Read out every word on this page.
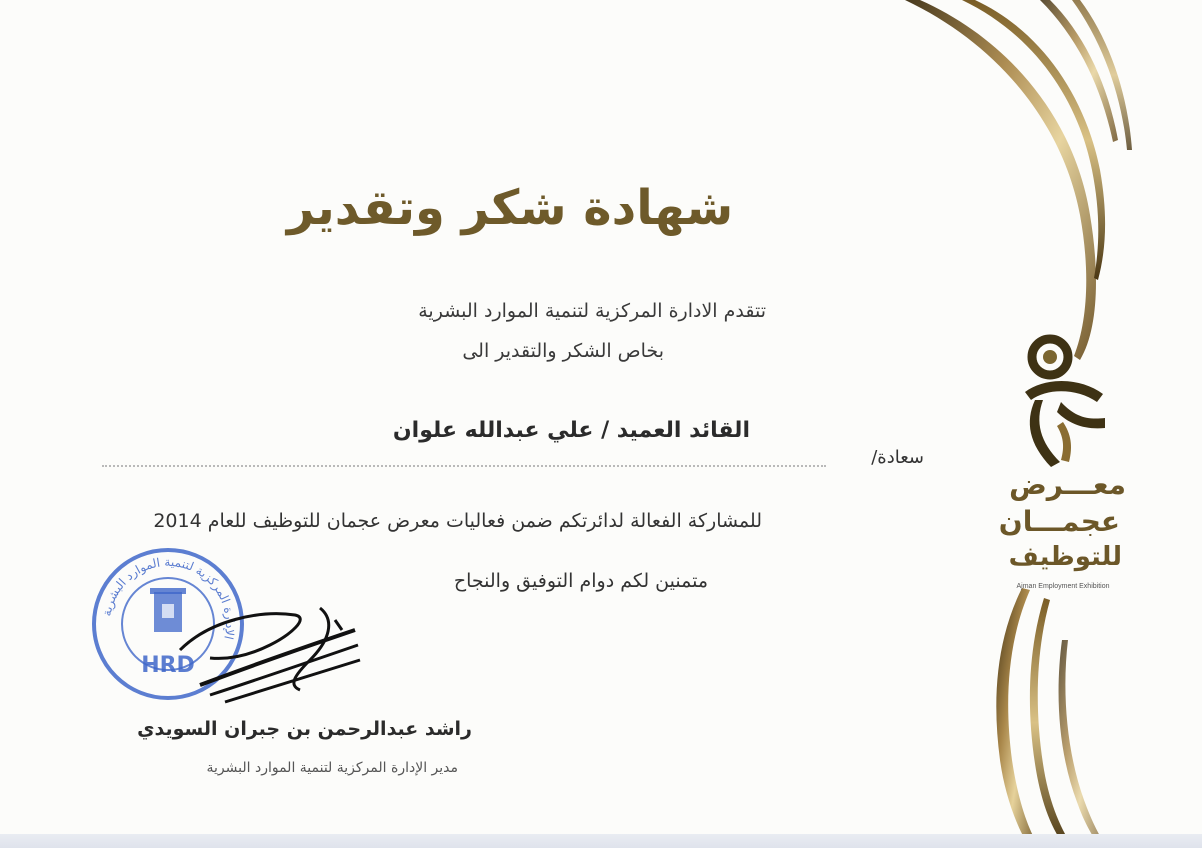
معـــرض
عجمـــان
للتوظيف
Ajman Employment Exhibition
شهادة شكر وتقدير
تتقدم الادارة المركزية لتنمية الموارد البشرية
بخاص الشكر والتقدير الى
القائد العميد / علي عبدالله علوان
سعادة/
للمشاركة الفعالة لدائرتكم ضمن فعاليات معرض عجمان للتوظيف للعام 2014
متمنين لكم دوام التوفيق والنجاح
الإدارة المركزية لتنمية الموارد البشرية
HRD
راشد عبدالرحمن بن جبران السويدي
مدير الإدارة المركزية لتنمية الموارد البشرية
